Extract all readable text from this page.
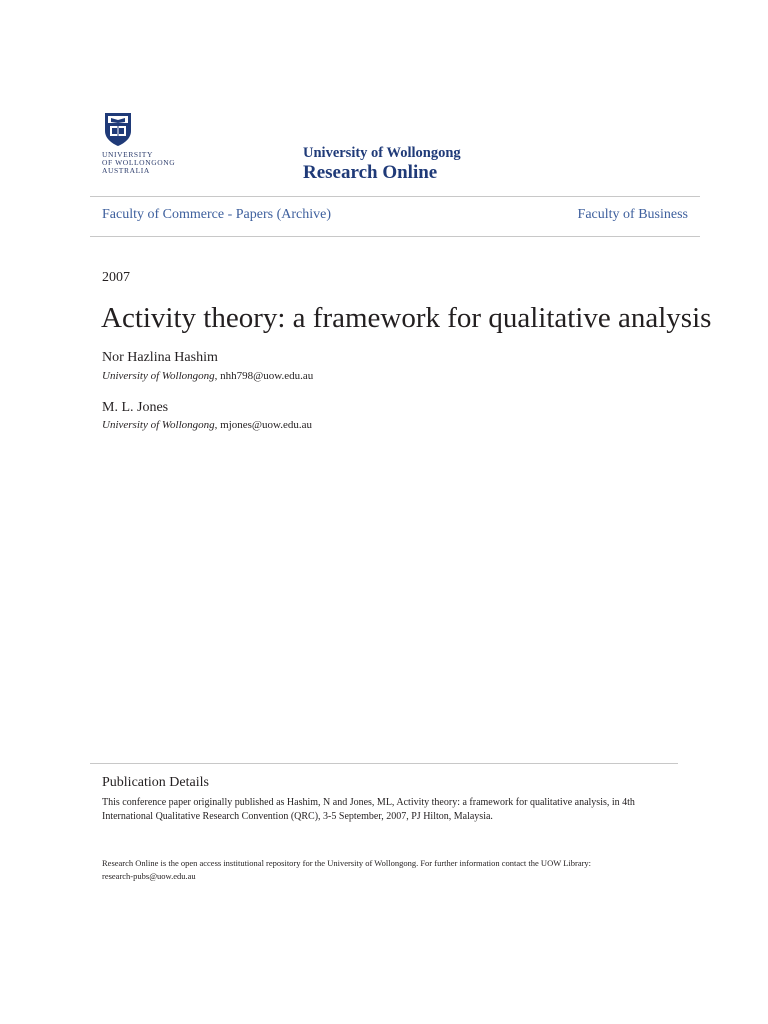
UNIVERSITY
OF WOLLONGONG
AUSTRALIA
University of Wollongong
Research Online
Faculty of Commerce - Papers (Archive)	Faculty of Business
2007
Activity theory: a framework for qualitative analysis
Nor Hazlina Hashim
University of Wollongong, nhh798@uow.edu.au
M. L. Jones
University of Wollongong, mjones@uow.edu.au
Publication Details
This conference paper originally published as Hashim, N and Jones, ML, Activity theory: a framework for qualitative analysis, in 4th
International Qualitative Research Convention (QRC), 3-5 September, 2007, PJ Hilton, Malaysia.
Research Online is the open access institutional repository for the University of Wollongong. For further information contact the UOW Library:
research-pubs@uow.edu.au
